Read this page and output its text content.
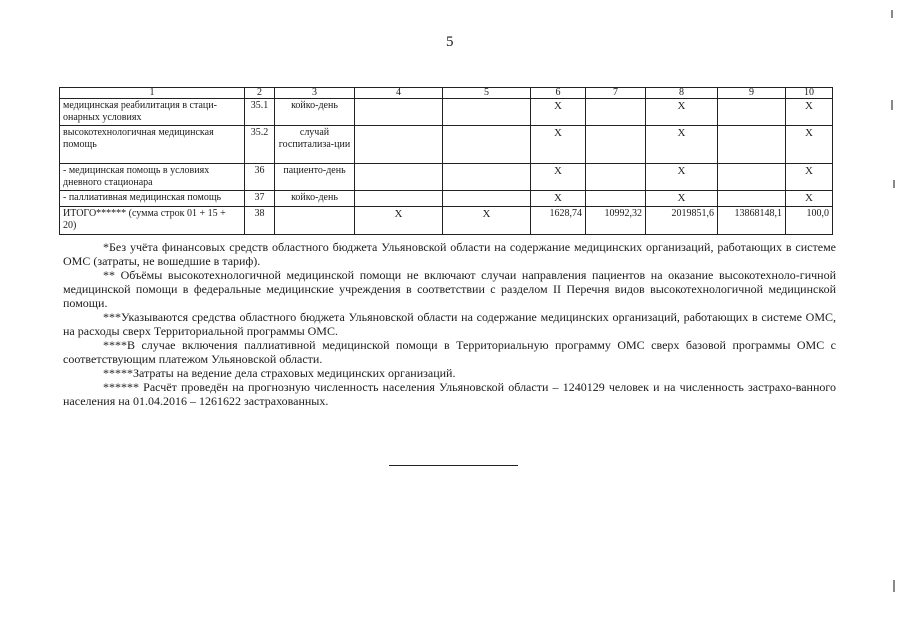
5
1	2	3	4	5	6	7	8	9	10
медицинская реабилитация в стаци-онарных условиях	35.1	койко-день			Х		Х		Х
высокотехнологичная медицинская помощь	35.2	случай госпитализа-ции			Х		Х		Х
- медицинская помощь в условиях дневного стационара	36	пациенто-день			Х		Х		Х
- паллиативная медицинская помощь	37	койко-день			Х		Х		Х
ИТОГО****** (сумма строк 01 + 15 + 20)	38		Х	Х	1628,74	10992,32	2019851,6	13868148,1	100,0

*Без учёта финансовых средств областного бюджета Ульяновской области на содержание медицинских организаций, работающих в системе ОМС (затраты, не вошедшие в тариф).

** Объёмы высокотехнологичной медицинской помощи не включают случаи направления пациентов на оказание высокотехноло-гичной медицинской помощи в федеральные медицинские учреждения в соответствии с разделом II Перечня видов высокотехнологичной медицинской помощи.

***Указываются средства областного бюджета Ульяновской области на содержание медицинских организаций, работающих в системе ОМС, на расходы сверх Территориальной программы ОМС.

****В случае включения паллиативной медицинской помощи в Территориальную программу ОМС сверх базовой программы ОМС с соответствующим платежом Ульяновской области.

*****Затраты на ведение дела страховых медицинских организаций.

****** Расчёт проведён на прогнозную численность населения Ульяновской области – 1240129 человек и на численность застрахо-ванного населения на 01.04.2016 – 1261622 застрахованных.
